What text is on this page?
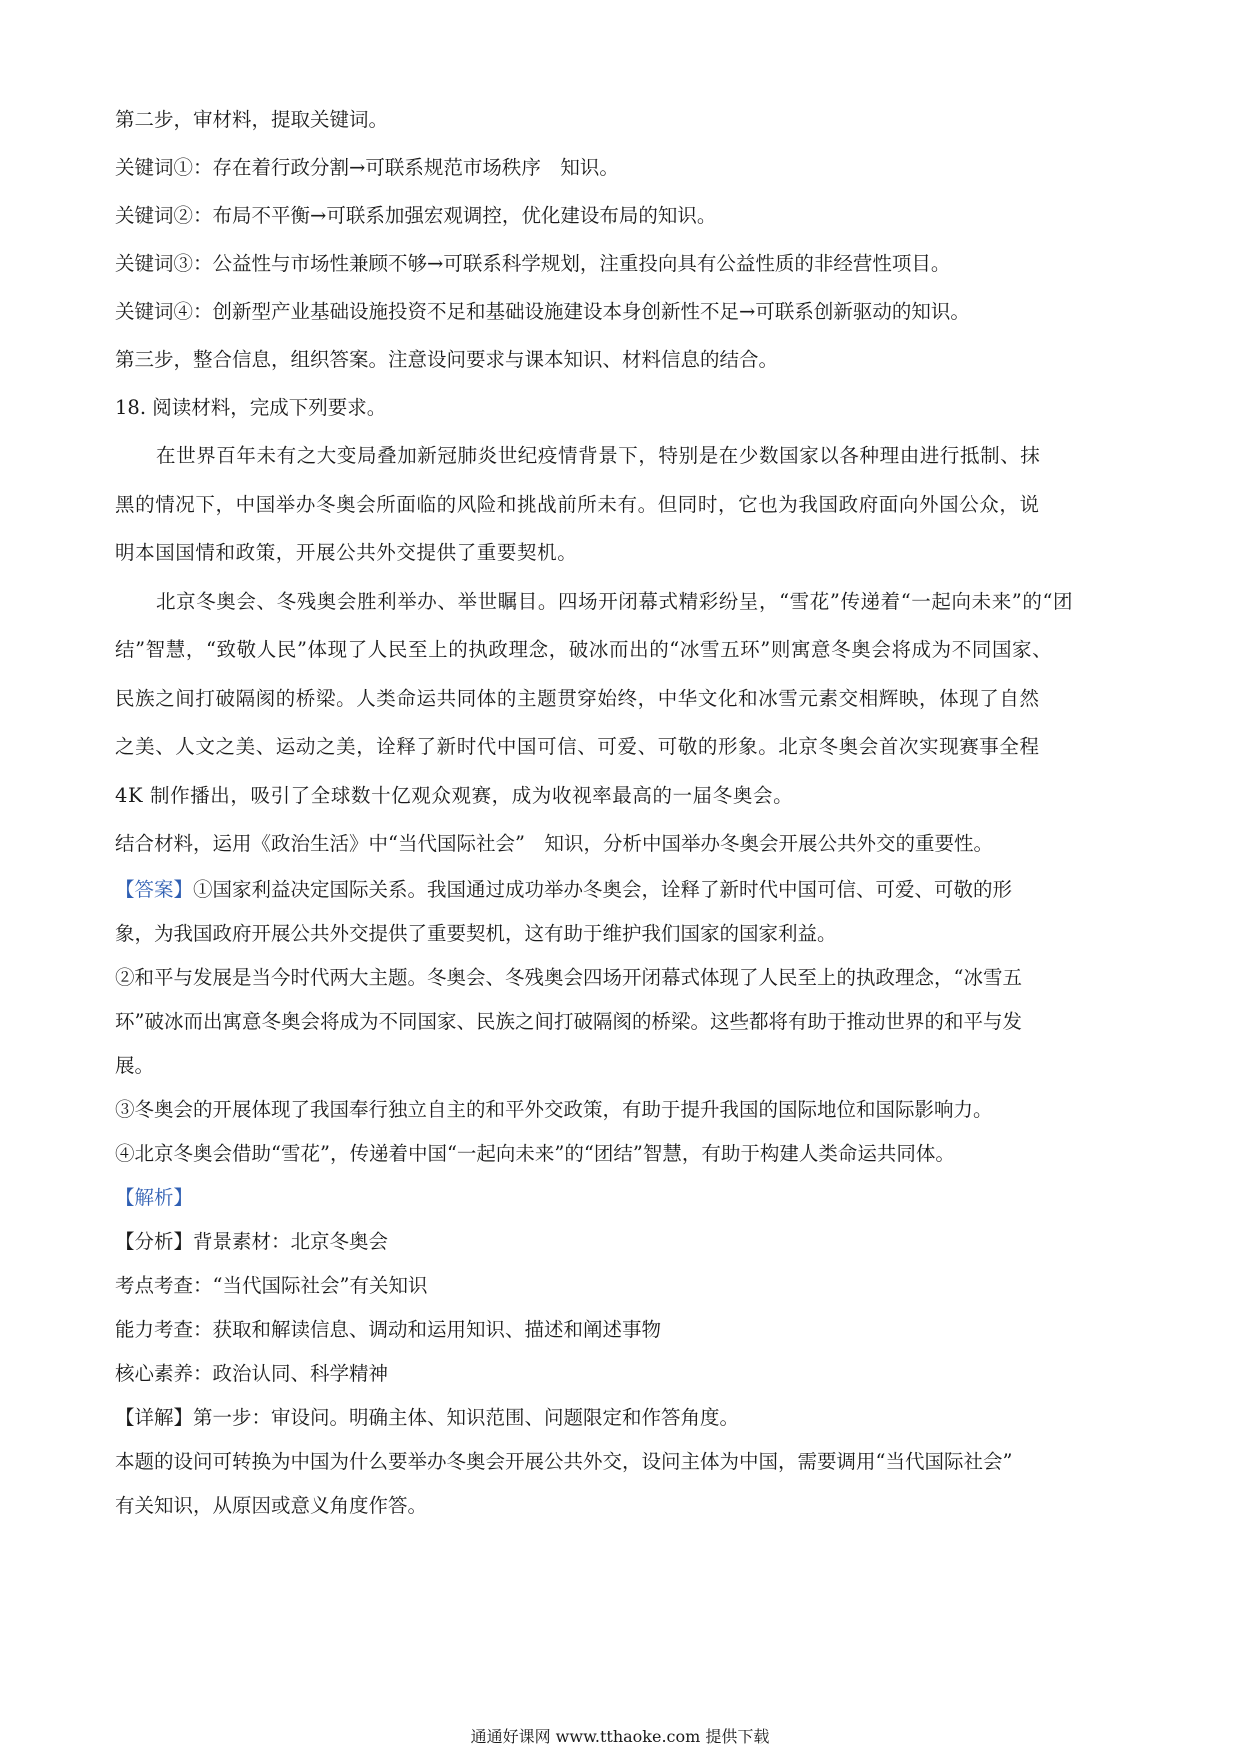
第二步，审材料，提取关键词。
关键词①：存在着行政分割→可联系规范市场秩序　知识。
关键词②：布局不平衡→可联系加强宏观调控，优化建设布局的知识。
关键词③：公益性与市场性兼顾不够→可联系科学规划，注重投向具有公益性质的非经营性项目。
关键词④：创新型产业基础设施投资不足和基础设施建设本身创新性不足→可联系创新驱动的知识。
第三步，整合信息，组织答案。注意设问要求与课本知识、材料信息的结合。
18. 阅读材料，完成下列要求。
在世界百年未有之大变局叠加新冠肺炎世纪疫情背景下，特别是在少数国家以各种理由进行抵制、抹
黑的情况下，中国举办冬奥会所面临的风险和挑战前所未有。但同时，它也为我国政府面向外国公众，说
明本国国情和政策，开展公共外交提供了重要契机。
北京冬奥会、冬残奥会胜利举办、举世瞩目。四场开闭幕式精彩纷呈，“雪花”传递着“一起向未来”的“团
结”智慧，“致敬人民”体现了人民至上的执政理念，破冰而出的“冰雪五环”则寓意冬奥会将成为不同国家、
民族之间打破隔阂的桥梁。人类命运共同体的主题贯穿始终，中华文化和冰雪元素交相辉映，体现了自然
之美、人文之美、运动之美，诠释了新时代中国可信、可爱、可敬的形象。北京冬奥会首次实现赛事全程
4K 制作播出，吸引了全球数十亿观众观赛，成为收视率最高的一届冬奥会。
结合材料，运用《政治生活》中“当代国际社会”　知识，分析中国举办冬奥会开展公共外交的重要性。
【答案】①国家利益决定国际关系。我国通过成功举办冬奥会，诠释了新时代中国可信、可爱、可敬的形
象，为我国政府开展公共外交提供了重要契机，这有助于维护我们国家的国家利益。
②和平与发展是当今时代两大主题。冬奥会、冬残奥会四场开闭幕式体现了人民至上的执政理念，“冰雪五
环”破冰而出寓意冬奥会将成为不同国家、民族之间打破隔阂的桥梁。这些都将有助于推动世界的和平与发
展。
③冬奥会的开展体现了我国奉行独立自主的和平外交政策，有助于提升我国的国际地位和国际影响力。
④北京冬奥会借助“雪花”，传递着中国“一起向未来”的“团结”智慧，有助于构建人类命运共同体。
【解析】
【分析】背景素材：北京冬奥会
考点考查：“当代国际社会”有关知识
能力考查：获取和解读信息、调动和运用知识、描述和阐述事物
核心素养：政治认同、科学精神
【详解】第一步：审设问。明确主体、知识范围、问题限定和作答角度。
本题的设问可转换为中国为什么要举办冬奥会开展公共外交，设问主体为中国，需要调用“当代国际社会”
有关知识，从原因或意义角度作答。
通通好课网 www.tthaoke.com 提供下载
